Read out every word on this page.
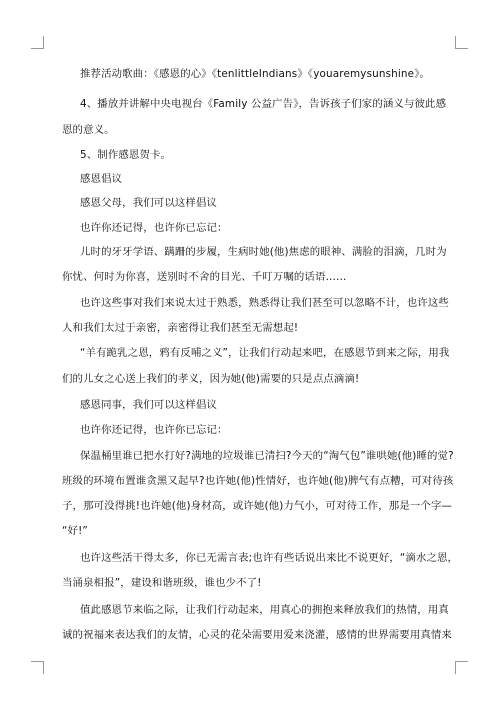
推荐活动歌曲：《感恩的心》《tenlittleIndians》《youaremysunshine》。
4、播放并讲解中央电视台《Family 公益广告》，告诉孩子们家的涵义与彼此感
恩的意义。
5、制作感恩贺卡。
感恩倡议
感恩父母，我们可以这样倡议
也许你还记得，也许你已忘记：
儿时的牙牙学语、蹒跚的步履，生病时她(他)焦虑的眼神、满脸的泪滴，几时为
你忧、何时为你喜，送别时不舍的目光、千叮万嘱的话语……
也许这些事对我们来说太过于熟悉，熟悉得让我们甚至可以忽略不计，也许这些
人和我们太过于亲密，亲密得让我们甚至无需想起!
“羊有跪乳之恩，鸦有反哺之义”，让我们行动起来吧，在感恩节到来之际，用我
们的儿女之心送上我们的孝义，因为她(他)需要的只是点点滴滴!
感恩同事，我们可以这样倡议
也许你还记得，也许你已忘记：
保温桶里谁已把水打好?满地的垃圾谁已清扫?今天的“淘气包”谁哄她(他)睡的觉?
班级的环境布置谁贪黑又起早?也许她(他)性情好，也许她(他)脾气有点糟，可对待孩
子，那可没得挑!也许她(他)身材高，或许她(他)力气小，可对待工作，那是一个字—
“好!”
也许这些活干得太多，你已无需言表;也许有些话说出来比不说更好，“滴水之恩，
当涌泉相报”，建设和谐班级，谁也少不了!
值此感恩节来临之际，让我们行动起来，用真心的拥抱来释放我们的热情，用真
诚的祝福来表达我们的友情，心灵的花朵需要用爱来浇灌，感情的世界需要用真情来
